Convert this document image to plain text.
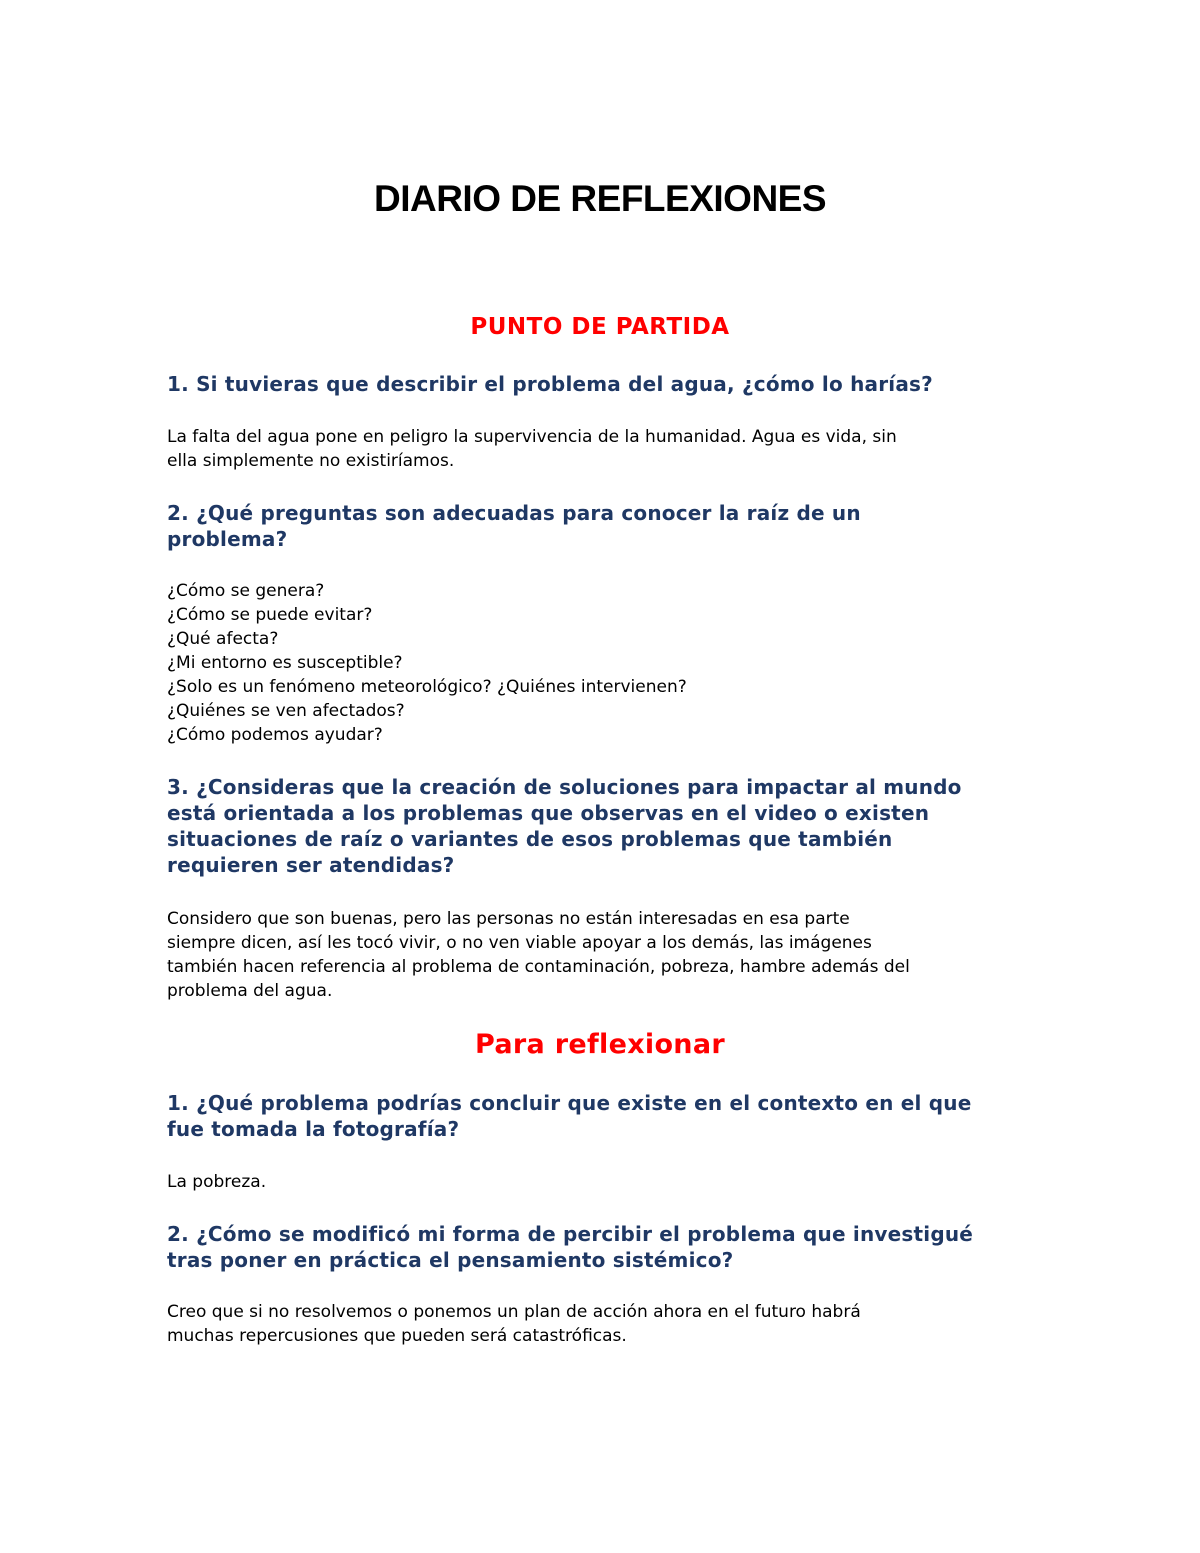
DIARIO DE REFLEXIONES
PUNTO DE PARTIDA
1. Si tuvieras que describir el problema del agua, ¿cómo lo harías?
La falta del agua pone en peligro la supervivencia de la humanidad. Agua es vida, sin
ella simplemente no existiríamos.
2. ¿Qué preguntas son adecuadas para conocer la raíz de un
problema?
¿Cómo se genera?
¿Cómo se puede evitar?
¿Qué afecta?
¿Mi entorno es susceptible?
¿Solo es un fenómeno meteorológico? ¿Quiénes intervienen?
¿Quiénes se ven afectados?
¿Cómo podemos ayudar?
3. ¿Consideras que la creación de soluciones para impactar al mundo
está orientada a los problemas que observas en el video o existen
situaciones de raíz o variantes de esos problemas que también
requieren ser atendidas?
Considero que son buenas, pero las personas no están interesadas en esa parte
siempre dicen, así les tocó vivir, o no ven viable apoyar a los demás, las imágenes
también hacen referencia al problema de contaminación, pobreza, hambre además del
problema del agua.
Para reflexionar
1. ¿Qué problema podrías concluir que existe en el contexto en el que
fue tomada la fotografía?
La pobreza.
2. ¿Cómo se modificó mi forma de percibir el problema que investigué
tras poner en práctica el pensamiento sistémico?
Creo que si no resolvemos o ponemos un plan de acción ahora en el futuro habrá
muchas repercusiones que pueden será catastróficas.
